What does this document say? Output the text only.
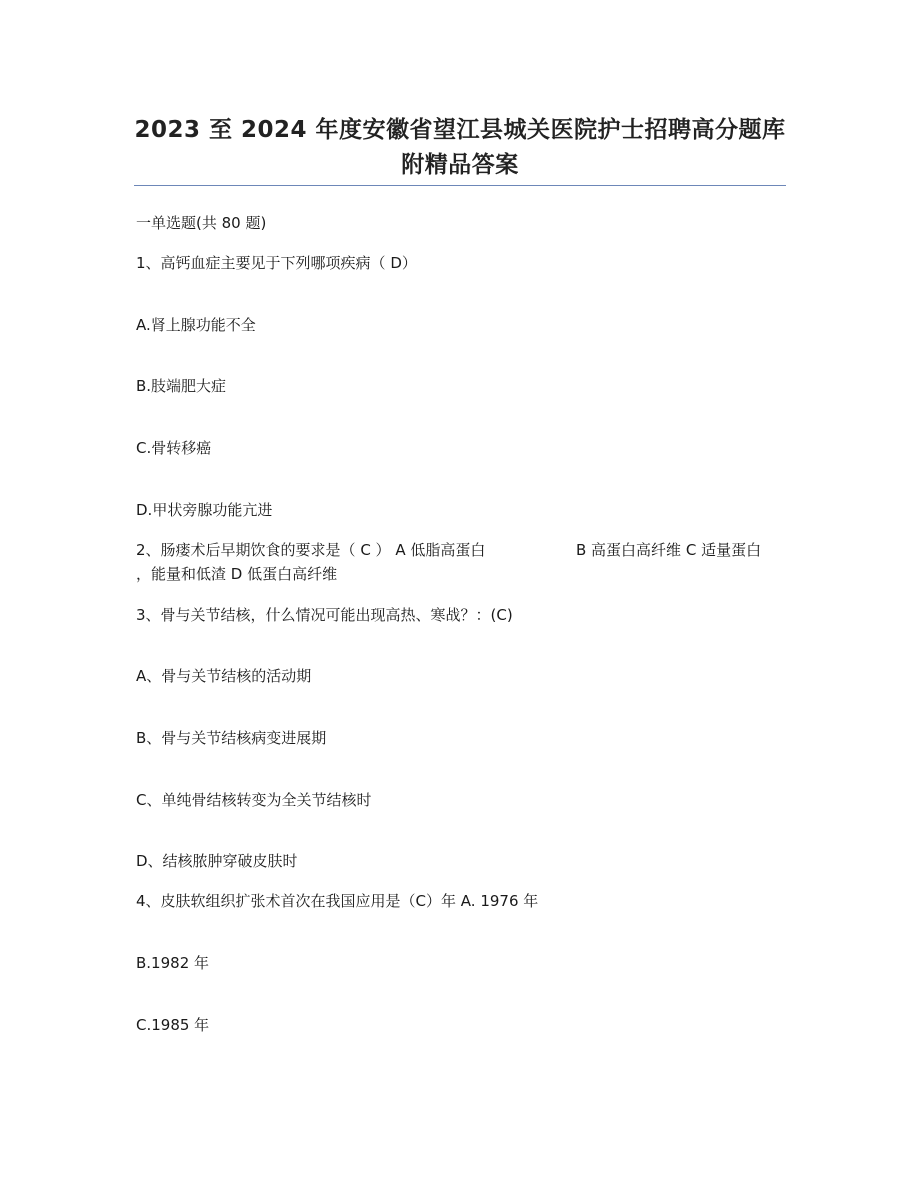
2023 至 2024 年度安徽省望江县城关医院护士招聘高分题库
附精品答案
一单选题(共 80 题)
1、高钙血症主要见于下列哪项疾病（ D）
A.肾上腺功能不全
B.肢端肥大症
C.骨转移癌
D.甲状旁腺功能亢进
2、肠瘘术后早期饮食的要求是（ C ） A 低脂高蛋白	B 高蛋白高纤维 C 适量蛋白
，能量和低渣 D 低蛋白高纤维
3、骨与关节结核，什么情况可能出现高热、寒战？：(C)
A、骨与关节结核的活动期
B、骨与关节结核病变进展期
C、单纯骨结核转变为全关节结核时
D、结核脓肿穿破皮肤时
4、皮肤软组织扩张术首次在我国应用是（C）年 A. 1976 年
B.1982 年
C.1985 年
